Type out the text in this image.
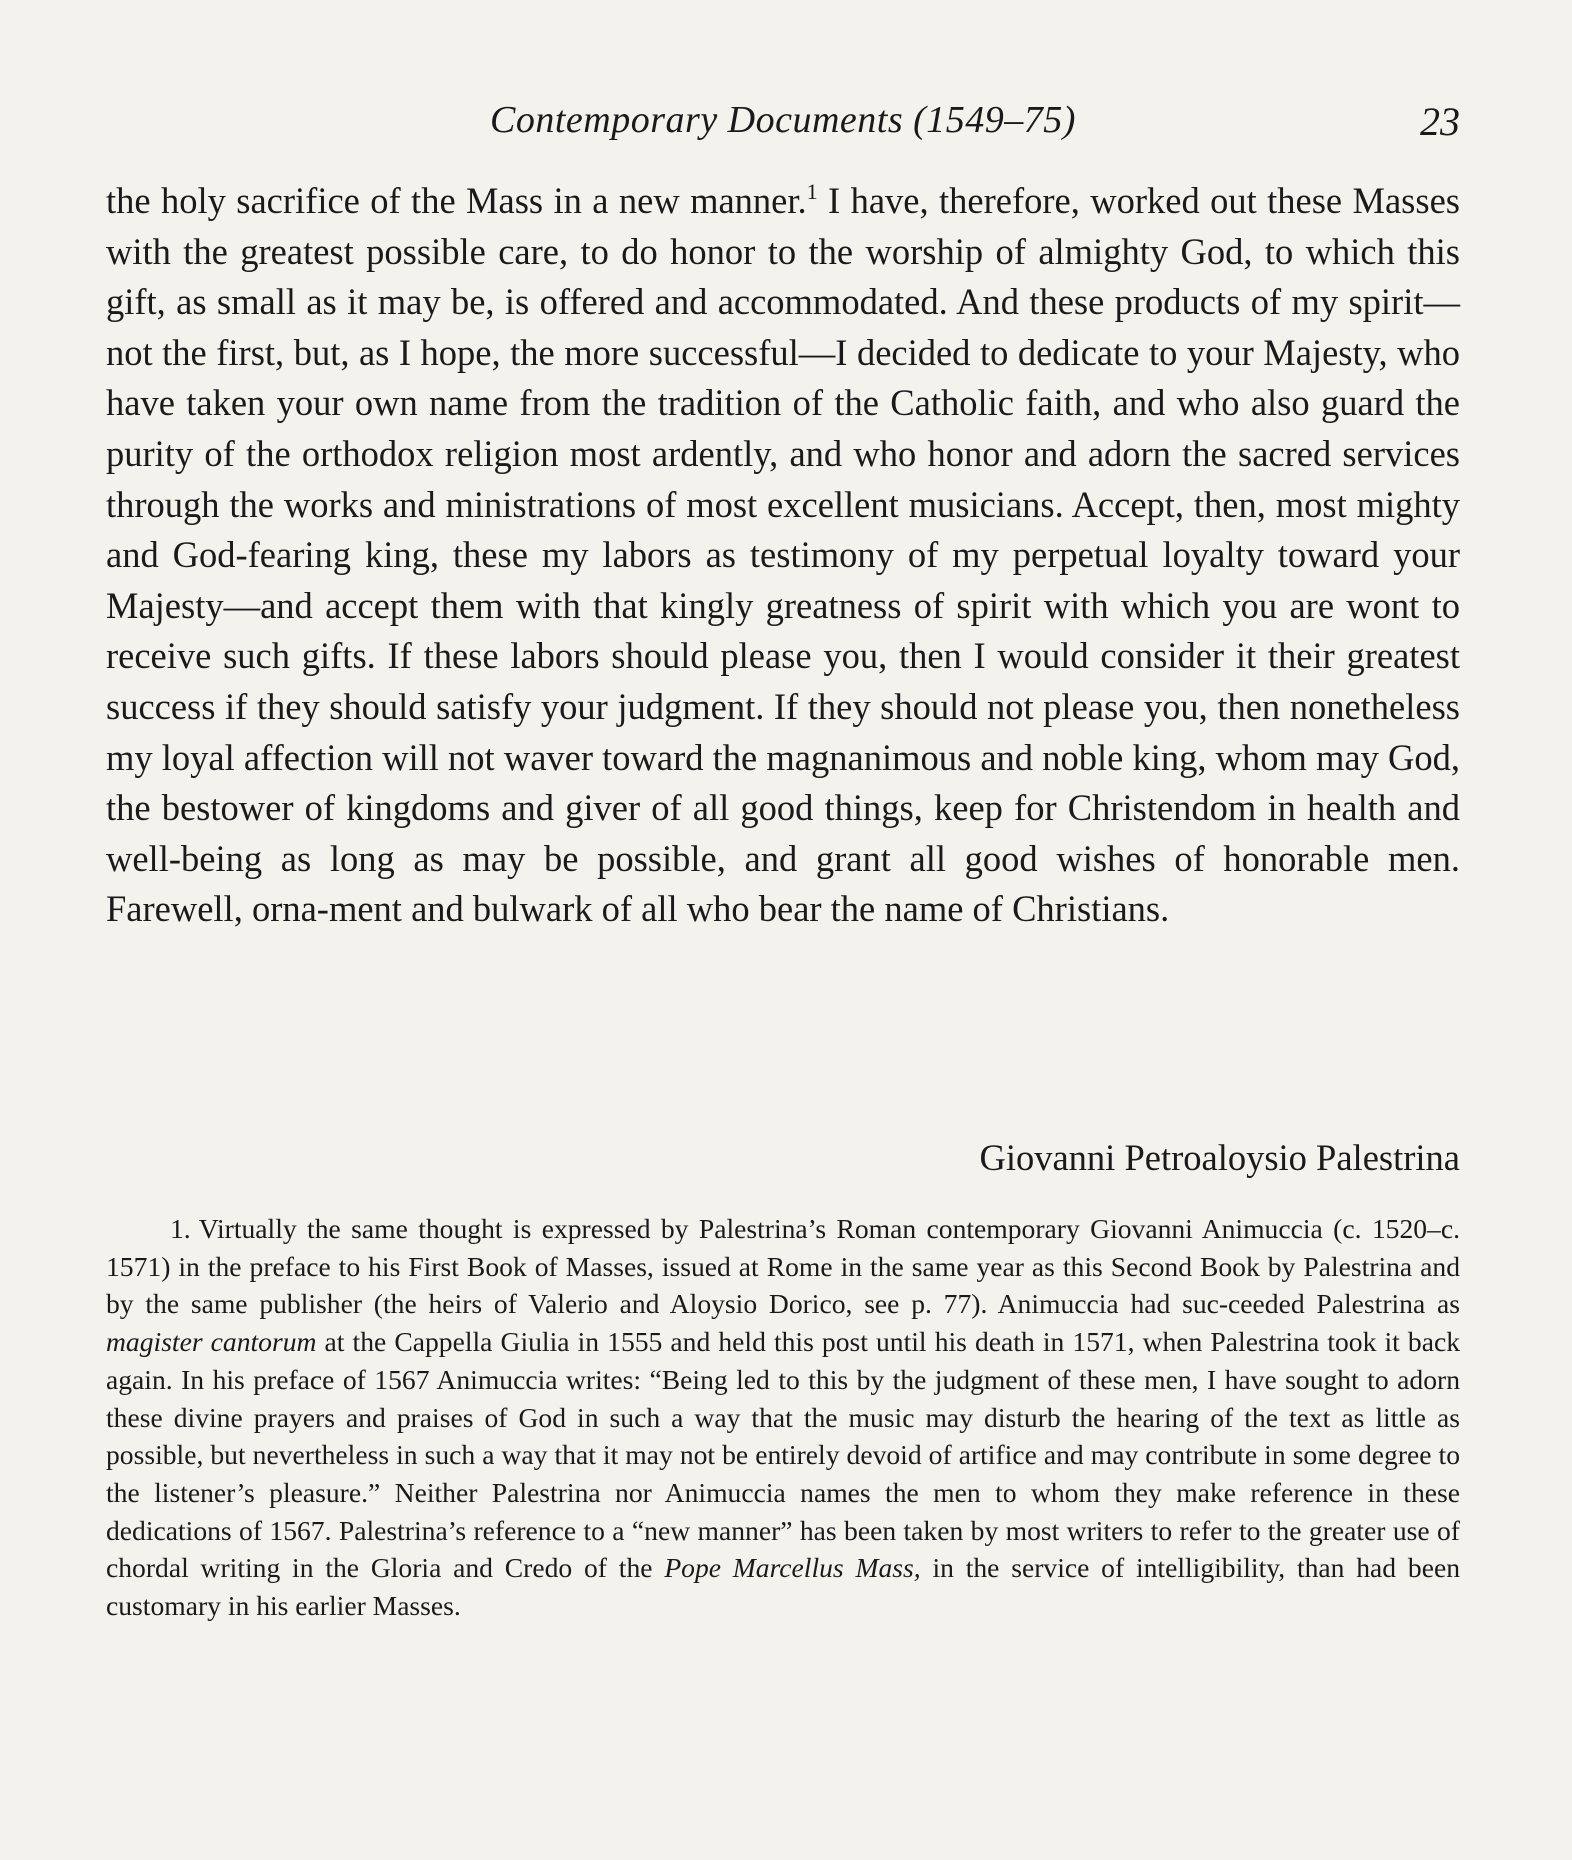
Contemporary Documents (1549–75)	23

the holy sacrifice of the Mass in a new manner.$^1$ I have, therefore, worked out these Masses with the greatest possible care, to do honor to the worship of almighty God, to which this gift, as small as it may be, is offered and accommodated. And these products of my spirit—not the first, but, as I hope, the more successful—I decided to dedicate to your Majesty, who have taken your own name from the tradition of the Catholic faith, and who also guard the purity of the orthodox religion most ardently, and who honor and adorn the sacred services through the works and ministrations of most excellent musicians. Accept, then, most mighty and God-fearing king, these my labors as testimony of my perpetual loyalty toward your Majesty—and accept them with that kingly greatness of spirit with which you are wont to receive such gifts. If these labors should please you, then I would consider it their greatest success if they should satisfy your judgment. If they should not please you, then nonetheless my loyal affection will not waver toward the magnanimous and noble king, whom may God, the bestower of kingdoms and giver of all good things, keep for Christendom in health and well-being as long as may be possible, and grant all good wishes of honorable men. Farewell, orna-ment and bulwark of all who bear the name of Christians.

Giovanni Petroaloysio Palestrina

1. Virtually the same thought is expressed by Palestrina’s Roman contemporary Giovanni Animuccia (c. 1520–c. 1571) in the preface to his First Book of Masses, issued at Rome in the same year as this Second Book by Palestrina and by the same publisher (the heirs of Valerio and Aloysio Dorico, see p. 77). Animuccia had suc-ceeded Palestrina as magister cantorum at the Cappella Giulia in 1555 and held this post until his death in 1571, when Palestrina took it back again. In his preface of 1567 Animuccia writes: “Being led to this by the judgment of these men, I have sought to adorn these divine prayers and praises of God in such a way that the music may disturb the hearing of the text as little as possible, but nevertheless in such a way that it may not be entirely devoid of artifice and may contribute in some degree to the listener’s pleasure.” Neither Palestrina nor Animuccia names the men to whom they make reference in these dedications of 1567. Palestrina’s reference to a “new manner” has been taken by most writers to refer to the greater use of chordal writing in the Gloria and Credo of the Pope Marcellus Mass, in the service of intelligibility, than had been customary in his earlier Masses.
